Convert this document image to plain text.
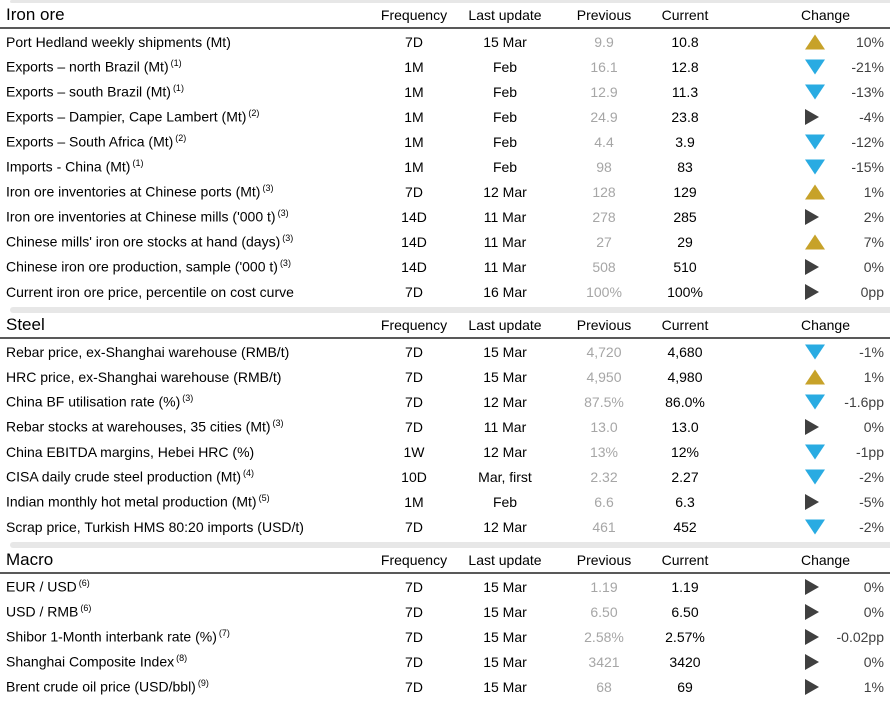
Iron ore	Frequency	Last update	Previous	Current	Change
Port Hedland weekly shipments (Mt)	7D	15 Mar	9.9	10.8	10%
Exports – north Brazil (Mt) $^{(1)}$	1M	Feb	16.1	12.8	-21%
Exports – south Brazil (Mt) $^{(1)}$	1M	Feb	12.9	11.3	-13%
Exports – Dampier, Cape Lambert (Mt) $^{(2)}$	1M	Feb	24.9	23.8	-4%
Exports – South Africa (Mt) $^{(2)}$	1M	Feb	4.4	3.9	-12%
Imports - China (Mt) $^{(1)}$	1M	Feb	98	83	-15%
Iron ore inventories at Chinese ports (Mt) $^{(3)}$	7D	12 Mar	128	129	1%
Iron ore inventories at Chinese mills ('000 t) $^{(3)}$	14D	11 Mar	278	285	2%
Chinese mills' iron ore stocks at hand (days) $^{(3)}$	14D	11 Mar	27	29	7%
Chinese iron ore production, sample ('000 t) $^{(3)}$	14D	11 Mar	508	510	0%
Current iron ore price, percentile on cost curve	7D	16 Mar	100%	100%	0pp
Steel	Frequency	Last update	Previous	Current	Change
Rebar price, ex-Shanghai warehouse (RMB/t)	7D	15 Mar	4,720	4,680	-1%
HRC price, ex-Shanghai warehouse (RMB/t)	7D	15 Mar	4,950	4,980	1%
China BF utilisation rate (%) $^{(3)}$	7D	12 Mar	87.5%	86.0%	-1.6pp
Rebar stocks at warehouses, 35 cities (Mt) $^{(3)}$	7D	11 Mar	13.0	13.0	0%
China EBITDA margins, Hebei HRC (%)	1W	12 Mar	13%	12%	-1pp
CISA daily crude steel production (Mt) $^{(4)}$	10D	Mar, first	2.32	2.27	-2%
Indian monthly hot metal production (Mt) $^{(5)}$	1M	Feb	6.6	6.3	-5%
Scrap price, Turkish HMS 80:20 imports (USD/t)	7D	12 Mar	461	452	-2%
Macro	Frequency	Last update	Previous	Current	Change
EUR / USD $^{(6)}$	7D	15 Mar	1.19	1.19	0%
USD / RMB $^{(6)}$	7D	15 Mar	6.50	6.50	0%
Shibor 1-Month interbank rate (%) $^{(7)}$	7D	15 Mar	2.58%	2.57%	-0.02pp
Shanghai Composite Index $^{(8)}$	7D	15 Mar	3421	3420	0%
Brent crude oil price (USD/bbl) $^{(9)}$	7D	15 Mar	68	69	1%
